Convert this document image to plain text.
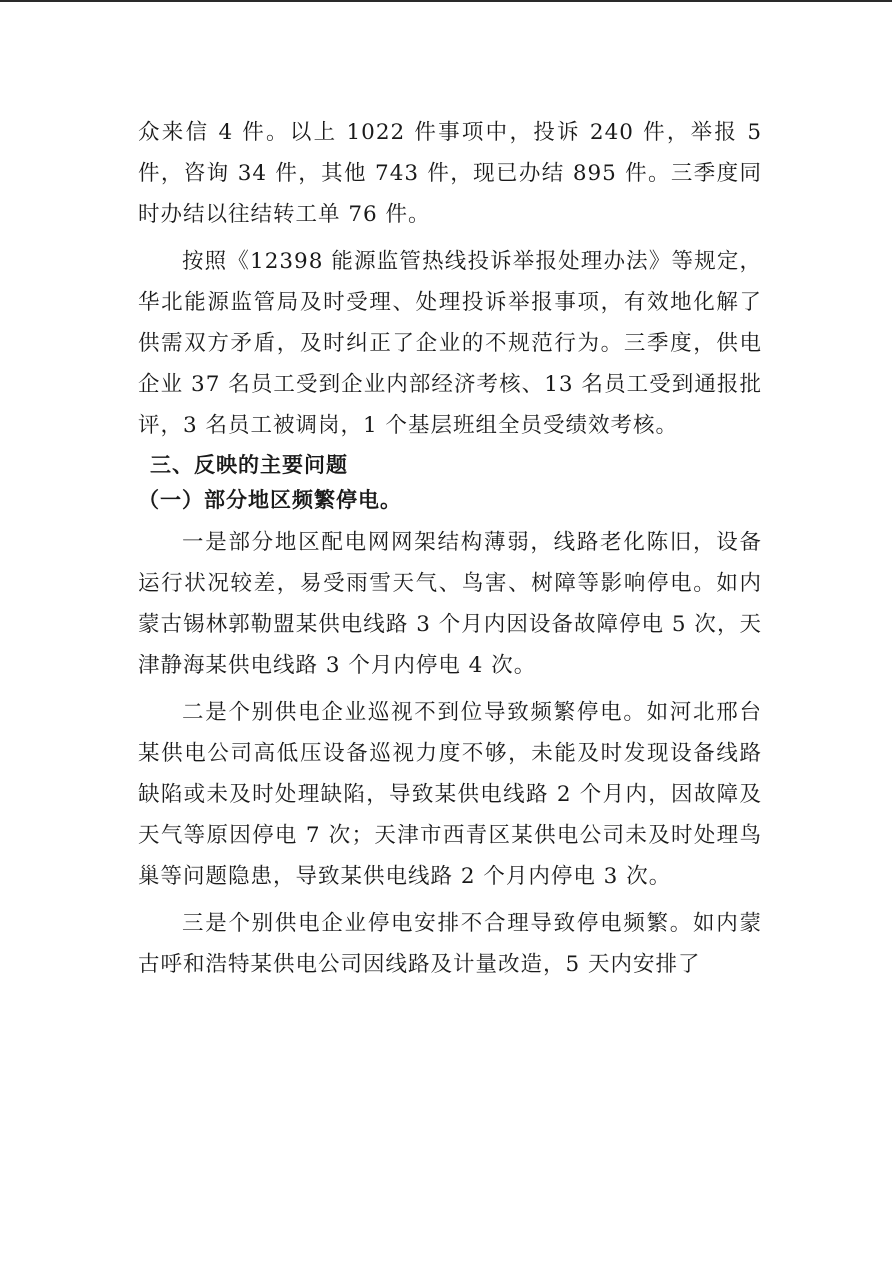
众来信 4 件。以上 1022 件事项中，投诉 240 件，举报 5 件，咨询 34 件，其他 743 件，现已办结 895 件。三季度同时办结以往结转工单 76 件。

按照《12398 能源监管热线投诉举报处理办法》等规定，华北能源监管局及时受理、处理投诉举报事项，有效地化解了供需双方矛盾，及时纠正了企业的不规范行为。三季度，供电企业 37 名员工受到企业内部经济考核、13 名员工受到通报批评，3 名员工被调岗，1 个基层班组全员受绩效考核。

三、反映的主要问题
（一）部分地区频繁停电。

一是部分地区配电网网架结构薄弱，线路老化陈旧，设备运行状况较差，易受雨雪天气、鸟害、树障等影响停电。如内蒙古锡林郭勒盟某供电线路 3 个月内因设备故障停电 5 次，天津静海某供电线路 3 个月内停电 4 次。

二是个别供电企业巡视不到位导致频繁停电。如河北邢台某供电公司高低压设备巡视力度不够，未能及时发现设备线路缺陷或未及时处理缺陷，导致某供电线路 2 个月内，因故障及天气等原因停电 7 次；天津市西青区某供电公司未及时处理鸟巢等问题隐患，导致某供电线路 2 个月内停电 3 次。

三是个别供电企业停电安排不合理导致停电频繁。如内蒙古呼和浩特某供电公司因线路及计量改造，5 天内安排了
